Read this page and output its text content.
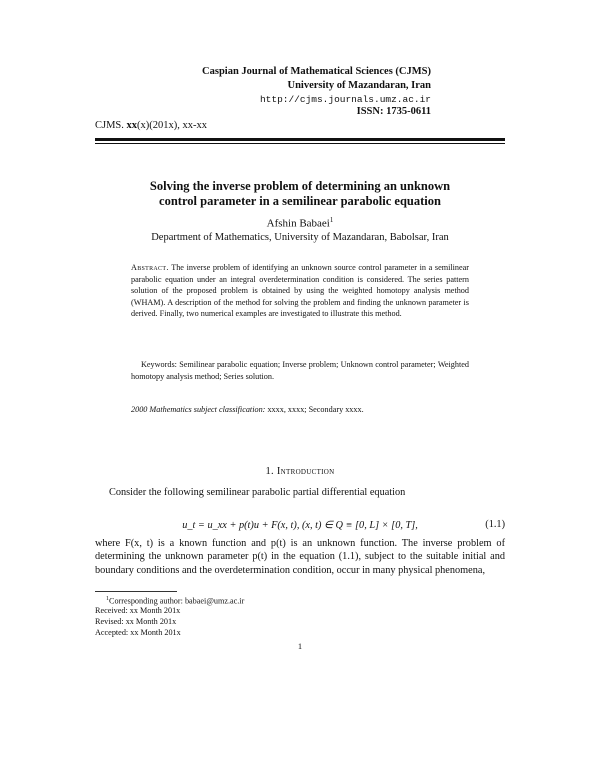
Caspian Journal of Mathematical Sciences (CJMS)
University of Mazandaran, Iran
http://cjms.journals.umz.ac.ir
ISSN: 1735-0611
CJMS. xx(x)(201x), xx-xx
Solving the inverse problem of determining an unknown
control parameter in a semilinear parabolic equation
Afshin Babaei$^1$
Department of Mathematics, University of Mazandaran, Babolsar, Iran
Abstract. The inverse problem of identifying an unknown source control parameter in a semilinear parabolic equation under an integral overdetermination condition is considered. The series pattern solution of the proposed problem is obtained by using the weighted homotopy analysis method (WHAM). A description of the method for solving the problem and finding the unknown parameter is derived. Finally, two numerical examples are investigated to illustrate this method.
Keywords: Semilinear parabolic equation; Inverse problem; Unknown control parameter; Weighted homotopy analysis method; Series solution.
2000 Mathematics subject classification: xxxx, xxxx; Secondary xxxx.
1. Introduction
Consider the following semilinear parabolic partial differential equation
u_t = u_xx + p(t)u + F(x, t), (x, t) ∈ Q ≡ [0, L] × [0, T],	(1.1)
where F(x, t) is a known function and p(t) is an unknown function. The inverse problem of determining the unknown parameter p(t) in the equation (1.1), subject to the suitable initial and boundary conditions and the overdetermination condition, occur in many physical phenomena,
$^1$Corresponding author: babaei@umz.ac.ir
Received: xx Month 201x
Revised: xx Month 201x
Accepted: xx Month 201x
1
